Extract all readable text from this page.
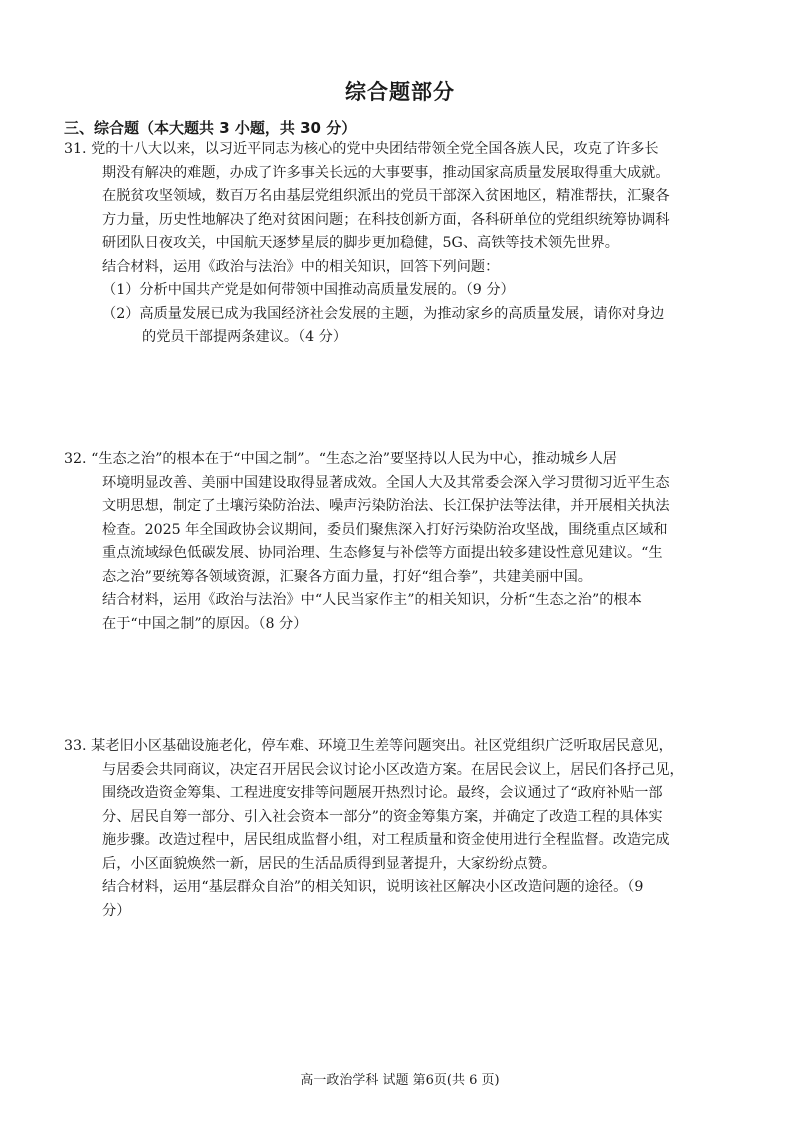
综合题部分
三、综合题（本大题共 3 小题，共 30 分）
31. 党的十八大以来，以习近平同志为核心的党中央团结带领全党全国各族人民，攻克了许多长
期没有解决的难题，办成了许多事关长远的大事要事，推动国家高质量发展取得重大成就。
在脱贫攻坚领域，数百万名由基层党组织派出的党员干部深入贫困地区，精准帮扶，汇聚各
方力量，历史性地解决了绝对贫困问题；在科技创新方面，各科研单位的党组织统筹协调科
研团队日夜攻关，中国航天逐梦星辰的脚步更加稳健，5G、高铁等技术领先世界。
结合材料，运用《政治与法治》中的相关知识，回答下列问题：
（1）分析中国共产党是如何带领中国推动高质量发展的。（9 分）
（2）高质量发展已成为我国经济社会发展的主题，为推动家乡的高质量发展，请你对身边
的党员干部提两条建议。（4 分）
32. “生态之治”的根本在于“中国之制”。“生态之治”要坚持以人民为中心，推动城乡人居
环境明显改善、美丽中国建设取得显著成效。全国人大及其常委会深入学习贯彻习近平生态
文明思想，制定了土壤污染防治法、噪声污染防治法、长江保护法等法律，并开展相关执法
检查。2025 年全国政协会议期间，委员们聚焦深入打好污染防治攻坚战，围绕重点区域和
重点流域绿色低碳发展、协同治理、生态修复与补偿等方面提出较多建设性意见建议。“生
态之治”要统筹各领域资源，汇聚各方面力量，打好“组合拳”，共建美丽中国。
结合材料，运用《政治与法治》中“人民当家作主”的相关知识，分析“生态之治”的根本
在于“中国之制”的原因。（8 分）
33. 某老旧小区基础设施老化，停车难、环境卫生差等问题突出。社区党组织广泛听取居民意见，
与居委会共同商议，决定召开居民会议讨论小区改造方案。在居民会议上，居民们各抒己见，
围绕改造资金筹集、工程进度安排等问题展开热烈讨论。最终，会议通过了“政府补贴一部
分、居民自筹一部分、引入社会资本一部分”的资金筹集方案，并确定了改造工程的具体实
施步骤。改造过程中，居民组成监督小组，对工程质量和资金使用进行全程监督。改造完成
后，小区面貌焕然一新，居民的生活品质得到显著提升，大家纷纷点赞。
结合材料，运用“基层群众自治”的相关知识，说明该社区解决小区改造问题的途径。（9
分）
高一政治学科 试题 第6页(共 6 页)
